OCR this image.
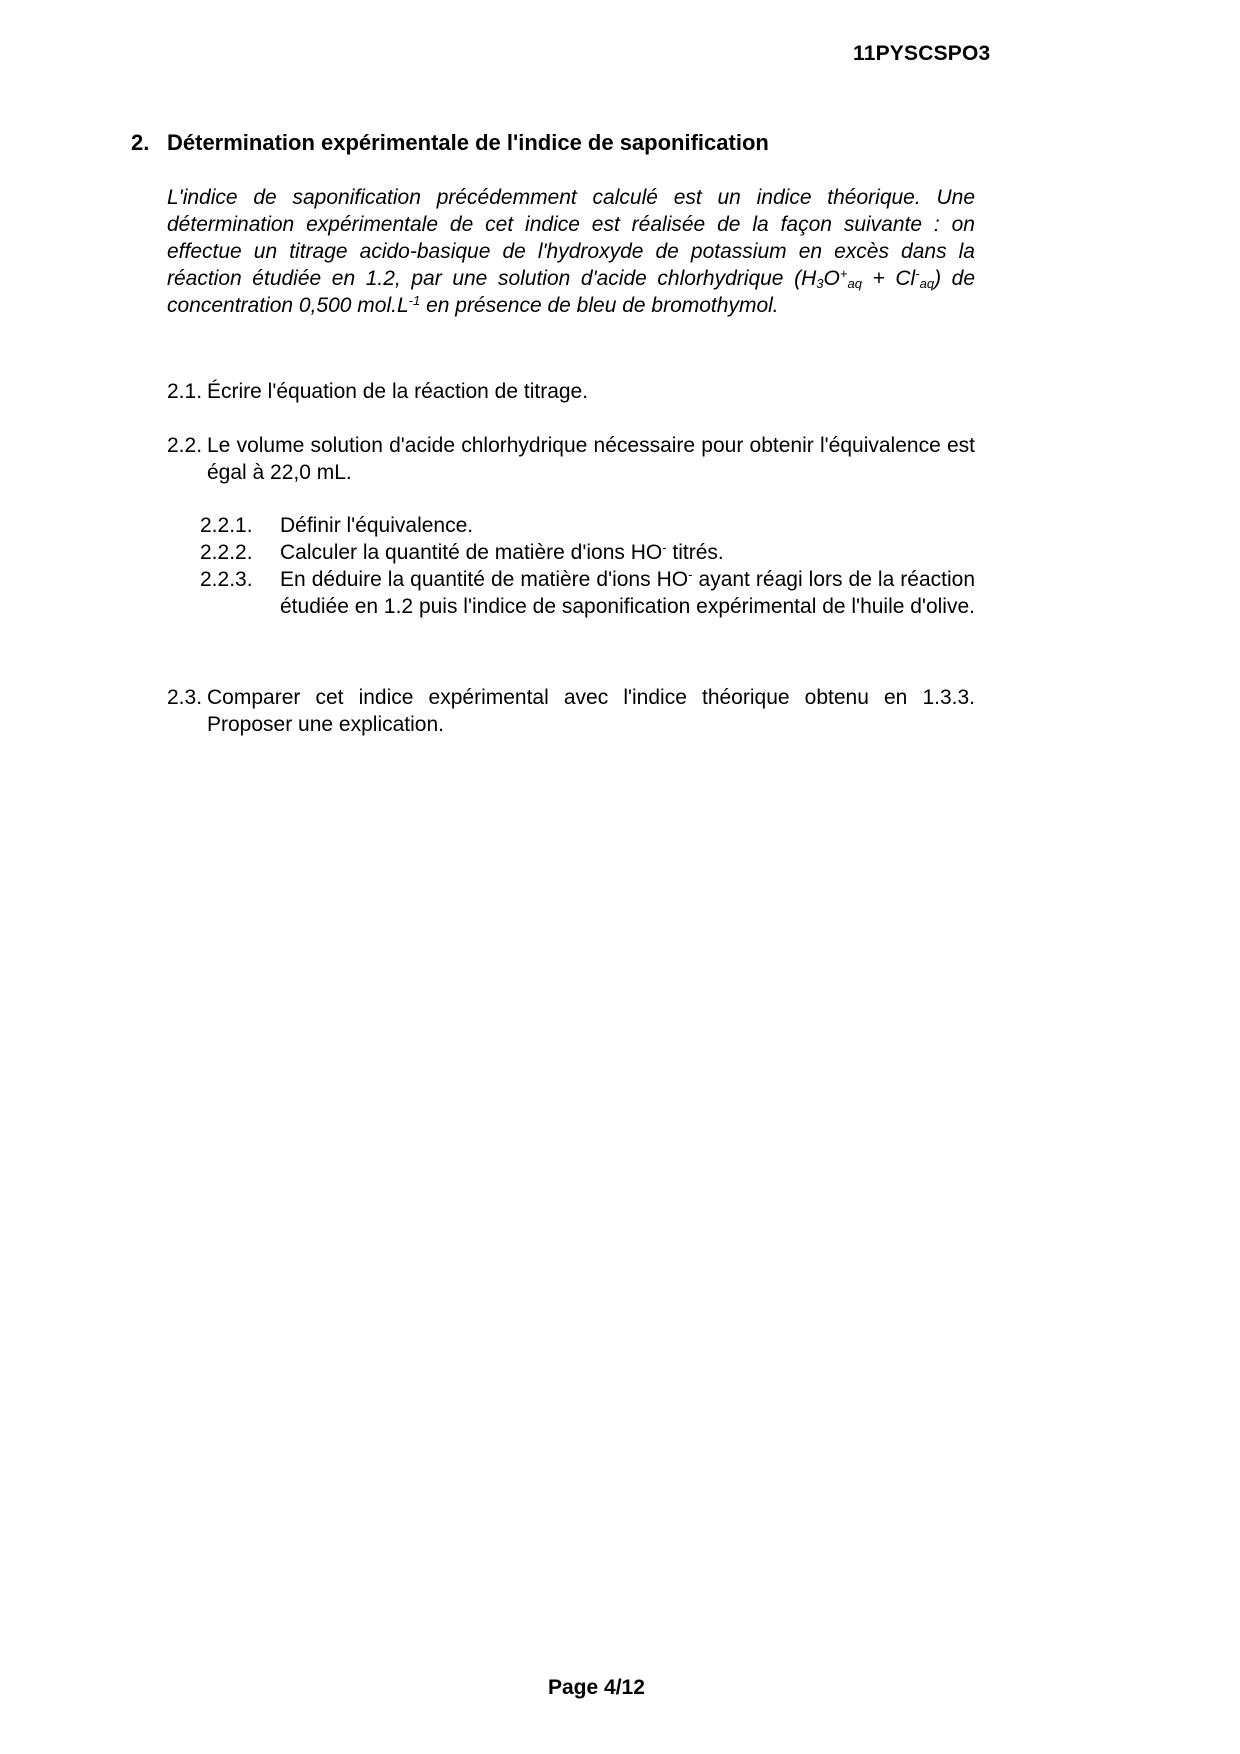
11PYSCSPO3
2. Détermination expérimentale de l'indice de saponification

L'indice de saponification précédemment calculé est un indice théorique. Une détermination expérimentale de cet indice est réalisée de la façon suivante : on effectue un titrage acido-basique de l'hydroxyde de potassium en excès dans la réaction étudiée en 1.2, par une solution d'acide chlorhydrique $(H_3O^+_{aq} + Cl^-_{aq})$ de concentration 0,500 $mol.L^{-1}$ en présence de bleu de bromothymol.

2.1. Écrire l'équation de la réaction de titrage.
2.2. Le volume solution d'acide chlorhydrique nécessaire pour obtenir l'équivalence est égal à 22,0 mL.
2.2.1.	Définir l'équivalence.
2.2.2.	Calculer la quantité de matière d'ions HO- titrés.
2.2.3.	En déduire la quantité de matière d'ions HO- ayant réagi lors de la réaction étudiée en 1.2 puis l'indice de saponification expérimental de l'huile d'olive.
2.3. Comparer cet indice expérimental avec l'indice théorique obtenu en 1.3.3. Proposer une explication.
Page 4/12
